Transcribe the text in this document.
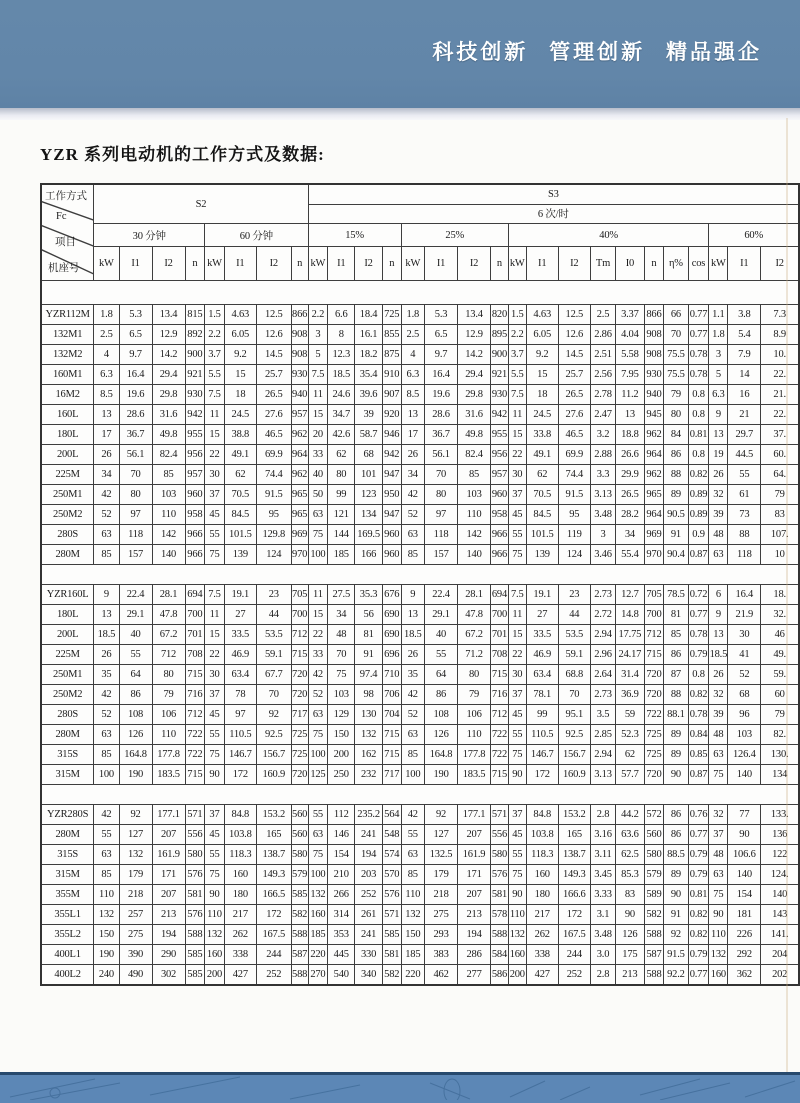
科技创新 管理创新 精品强企
YZR 系列电动机的工作方式及数据:
工作方式
Fc
项目
机座号	S2								S3																		
									6 次/时																		
	30 分钟				60 分钟				15%				25%				40%								60%		
	kW	I1	I2	n	kW	I1	I2	n	kW	I1	I2	n	kW	I1	I2	n	kW	I1	I2	Tm	I0	n	η%	cos	kW	I1	I2

YZR112M	1.8	5.3	13.4	815	1.5	4.63	12.5	866	2.2	6.6	18.4	725	1.8	5.3	13.4	820	1.5	4.63	12.5	2.5	3.37	866	66	0.77	1.1	3.8	7.3
132M1	2.5	6.5	12.9	892	2.2	6.05	12.6	908	3	8	16.1	855	2.5	6.5	12.9	895	2.2	6.05	12.6	2.86	4.04	908	70	0.77	1.8	5.4	8.9
132M2	4	9.7	14.2	900	3.7	9.2	14.5	908	5	12.3	18.2	875	4	9.7	14.2	900	3.7	9.2	14.5	2.51	5.58	908	75.5	0.78	3	7.9	10.
160M1	6.3	16.4	29.4	921	5.5	15	25.7	930	7.5	18.5	35.4	910	6.3	16.4	29.4	921	5.5	15	25.7	2.56	7.95	930	75.5	0.78	5	14	22.
16M2	8.5	19.6	29.8	930	7.5	18	26.5	940	11	24.6	39.6	907	8.5	19.6	29.8	930	7.5	18	26.5	2.78	11.2	940	79	0.8	6.3	16	21.
160L	13	28.6	31.6	942	11	24.5	27.6	957	15	34.7	39	920	13	28.6	31.6	942	11	24.5	27.6	2.47	13	945	80	0.8	9	21	22.
180L	17	36.7	49.8	955	15	38.8	46.5	962	20	42.6	58.7	946	17	36.7	49.8	955	15	33.8	46.5	3.2	18.8	962	84	0.81	13	29.7	37.
200L	26	56.1	82.4	956	22	49.1	69.9	964	33	62	68	942	26	56.1	82.4	956	22	49.1	69.9	2.88	26.6	964	86	0.8	19	44.5	60.
225M	34	70	85	957	30	62	74.4	962	40	80	101	947	34	70	85	957	30	62	74.4	3.3	29.9	962	88	0.82	26	55	64.
250M1	42	80	103	960	37	70.5	91.5	965	50	99	123	950	42	80	103	960	37	70.5	91.5	3.13	26.5	965	89	0.89	32	61	79
250M2	52	97	110	958	45	84.5	95	965	63	121	134	947	52	97	110	958	45	84.5	95	3.48	28.2	964	90.5	0.89	39	73	83
280S	63	118	142	966	55	101.5	129.8	969	75	144	169.5	960	63	118	142	966	55	101.5	119	3	34	969	91	0.9	48	88	107.
280M	85	157	140	966	75	139	124	970	100	185	166	960	85	157	140	966	75	139	124	3.46	55.4	970	90.4	0.87	63	118	10

YZR160L	9	22.4	28.1	694	7.5	19.1	23	705	11	27.5	35.3	676	9	22.4	28.1	694	7.5	19.1	23	2.73	12.7	705	78.5	0.72	6	16.4	18.
180L	13	29.1	47.8	700	11	27	44	700	15	34	56	690	13	29.1	47.8	700	11	27	44	2.72	14.8	700	81	0.77	9	21.9	32.
200L	18.5	40	67.2	701	15	33.5	53.5	712	22	48	81	690	18.5	40	67.2	701	15	33.5	53.5	2.94	17.75	712	85	0.78	13	30	46
225M	26	55	712	708	22	46.9	59.1	715	33	70	91	696	26	55	71.2	708	22	46.9	59.1	2.96	24.17	715	86	0.79	18.5	41	49.
250M1	35	64	80	715	30	63.4	67.7	720	42	75	97.4	710	35	64	80	715	30	63.4	68.8	2.64	31.4	720	87	0.8	26	52	59.
250M2	42	86	79	716	37	78	70	720	52	103	98	706	42	86	79	716	37	78.1	70	2.73	36.9	720	88	0.82	32	68	60
280S	52	108	106	712	45	97	92	717	63	129	130	704	52	108	106	712	45	99	95.1	3.5	59	722	88.1	0.78	39	96	79
280M	63	126	110	722	55	110.5	92.5	725	75	150	132	715	63	126	110	722	55	110.5	92.5	2.85	52.3	725	89	0.84	48	103	82.
315S	85	164.8	177.8	722	75	146.7	156.7	725	100	200	162	715	85	164.8	177.8	722	75	146.7	156.7	2.94	62	725	89	0.85	63	126.4	130.
315M	100	190	183.5	715	90	172	160.9	720	125	250	232	717	100	190	183.5	715	90	172	160.9	3.13	57.7	720	90	0.87	75	140	134

YZR280S	42	92	177.1	571	37	84.8	153.2	560	55	112	235.2	564	42	92	177.1	571	37	84.8	153.2	2.8	44.2	572	86	0.76	32	77	133.
280M	55	127	207	556	45	103.8	165	560	63	146	241	548	55	127	207	556	45	103.8	165	3.16	63.6	560	86	0.77	37	90	136
315S	63	132	161.9	580	55	118.3	138.7	580	75	154	194	574	63	132.5	161.9	580	55	118.3	138.7	3.11	62.5	580	88.5	0.79	48	106.6	122
315M	85	179	171	576	75	160	149.3	579	100	210	203	570	85	179	171	576	75	160	149.3	3.45	85.3	579	89	0.79	63	140	124.
355M	110	218	207	581	90	180	166.5	585	132	266	252	576	110	218	207	581	90	180	166.6	3.33	83	589	90	0.81	75	154	140
355L1	132	257	213	576	110	217	172	582	160	314	261	571	132	275	213	578	110	217	172	3.1	90	582	91	0.82	90	181	143
355L2	150	275	194	588	132	262	167.5	588	185	353	241	585	150	293	194	588	132	262	167.5	3.48	126	588	92	0.82	110	226	141.
400L1	190	390	290	585	160	338	244	587	220	445	330	581	185	383	286	584	160	338	244	3.0	175	587	91.5	0.79	132	292	204
400L2	240	490	302	585	200	427	252	588	270	540	340	582	220	462	277	586	200	427	252	2.8	213	588	92.2	0.77	160	362	202
